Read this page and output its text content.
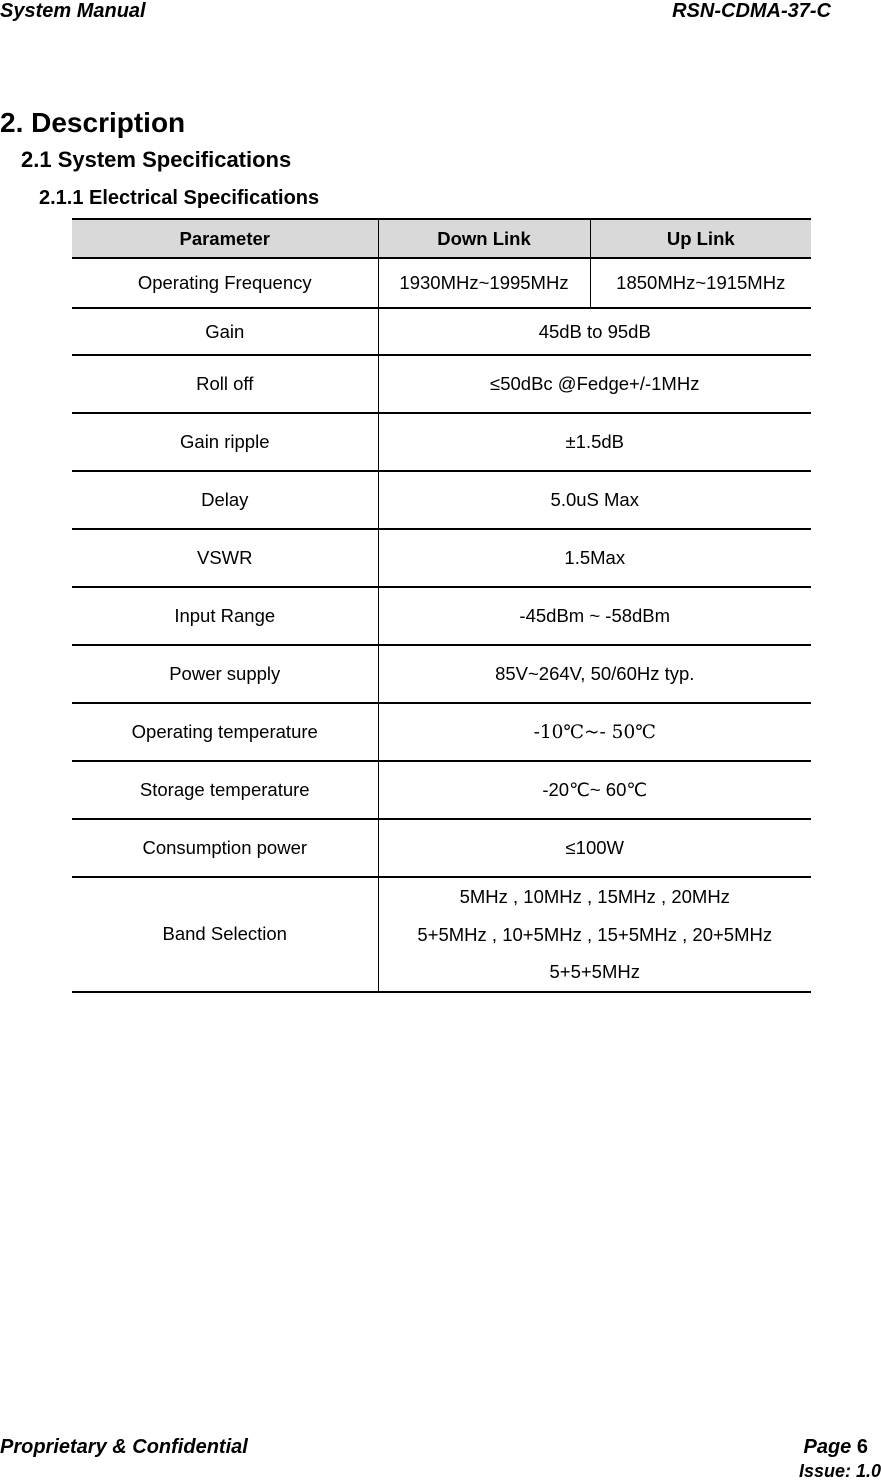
System Manual	RSN-CDMA-37-C
2. Description
2.1 System Specifications
2.1.1 Electrical Specifications
Parameter	Down Link	Up Link
Operating Frequency	1930MHz~1995MHz	1850MHz~1915MHz
Gain	45dB to 95dB	
Roll off	≤50dBc @Fedge+/-1MHz	
Gain ripple	±1.5dB	
Delay	5.0uS Max	
VSWR	1.5Max	
Input Range	-45dBm ~ -58dBm	
Power supply	85V~264V, 50/60Hz typ.	
Operating temperature	-10℃~- 50℃	
Storage temperature	-20℃~ 60℃	
Consumption power	≤100W	
Band Selection	5MHz , 10MHz , 15MHz , 20MHz
5+5MHz , 10+5MHz , 15+5MHz , 20+5MHz
5+5+5MHz	
Proprietary & Confidential	Page 6
Issue: 1.0
